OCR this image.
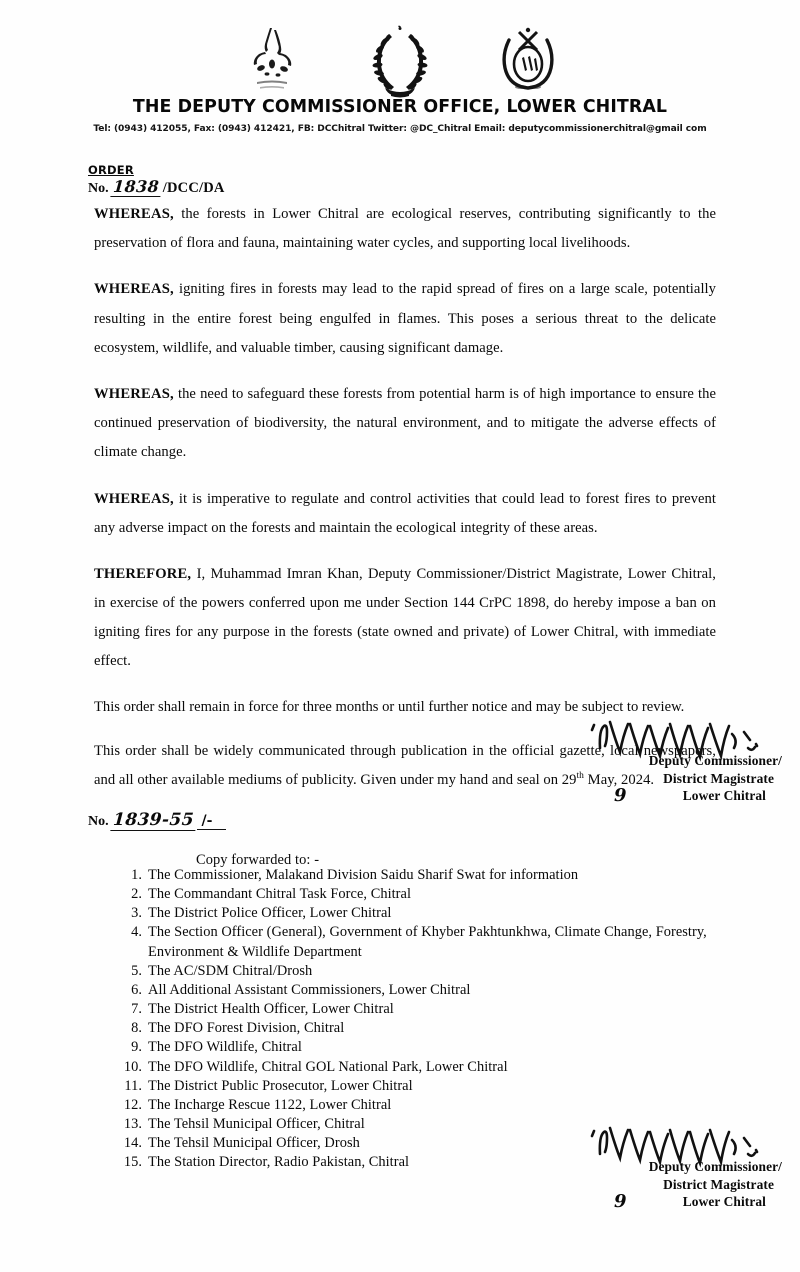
THE DEPUTY COMMISSIONER OFFICE, LOWER CHITRAL
Tel: (0943) 412055, Fax: (0943) 412421, FB: DCChitral Twitter: @DC_Chitral Email: deputycommissionerchitral@gmail com
ORDER
No. 1838 /DCC/DA

WHEREAS, the forests in Lower Chitral are ecological reserves, contributing significantly to the preservation of flora and fauna, maintaining water cycles, and supporting local livelihoods.

WHEREAS, igniting fires in forests may lead to the rapid spread of fires on a large scale, potentially resulting in the entire forest being engulfed in flames. This poses a serious threat to the delicate ecosystem, wildlife, and valuable timber, causing significant damage.

WHEREAS, the need to safeguard these forests from potential harm is of high importance to ensure the continued preservation of biodiversity, the natural environment, and to mitigate the adverse effects of climate change.

WHEREAS, it is imperative to regulate and control activities that could lead to forest fires to prevent any adverse impact on the forests and maintain the ecological integrity of these areas.

THEREFORE, I, Muhammad Imran Khan, Deputy Commissioner/District Magistrate, Lower Chitral, in exercise of the powers conferred upon me under Section 144 CrPC 1898, do hereby impose a ban on igniting fires for any purpose in the forests (state owned and private) of Lower Chitral, with immediate effect.

This order shall remain in force for three months or until further notice and may be subject to review.

This order shall be widely communicated through publication in the official gazette, local newspapers, and all other available mediums of publicity. Given under my hand and seal on 29th May, 2024.

Deputy Commissioner/
District Magistrate
9	Lower Chitral
No. 1839-55 /-
Copy forwarded to: -
1. The Commissioner, Malakand Division Saidu Sharif Swat for information
2. The Commandant Chitral Task Force, Chitral
3. The District Police Officer, Lower Chitral
4. The Section Officer (General), Government of Khyber Pakhtunkhwa, Climate Change, Forestry, Environment & Wildlife Department
5. The AC/SDM Chitral/Drosh
6. All Additional Assistant Commissioners, Lower Chitral
7. The District Health Officer, Lower Chitral
8. The DFO Forest Division, Chitral
9. The DFO Wildlife, Chitral
10. The DFO Wildlife, Chitral GOL National Park, Lower Chitral
11. The District Public Prosecutor, Lower Chitral
12. The Incharge Rescue 1122, Lower Chitral
13. The Tehsil Municipal Officer, Chitral
14. The Tehsil Municipal Officer, Drosh
15. The Station Director, Radio Pakistan, Chitral	Deputy Commissioner/
District Magistrate
9	Lower Chitral
